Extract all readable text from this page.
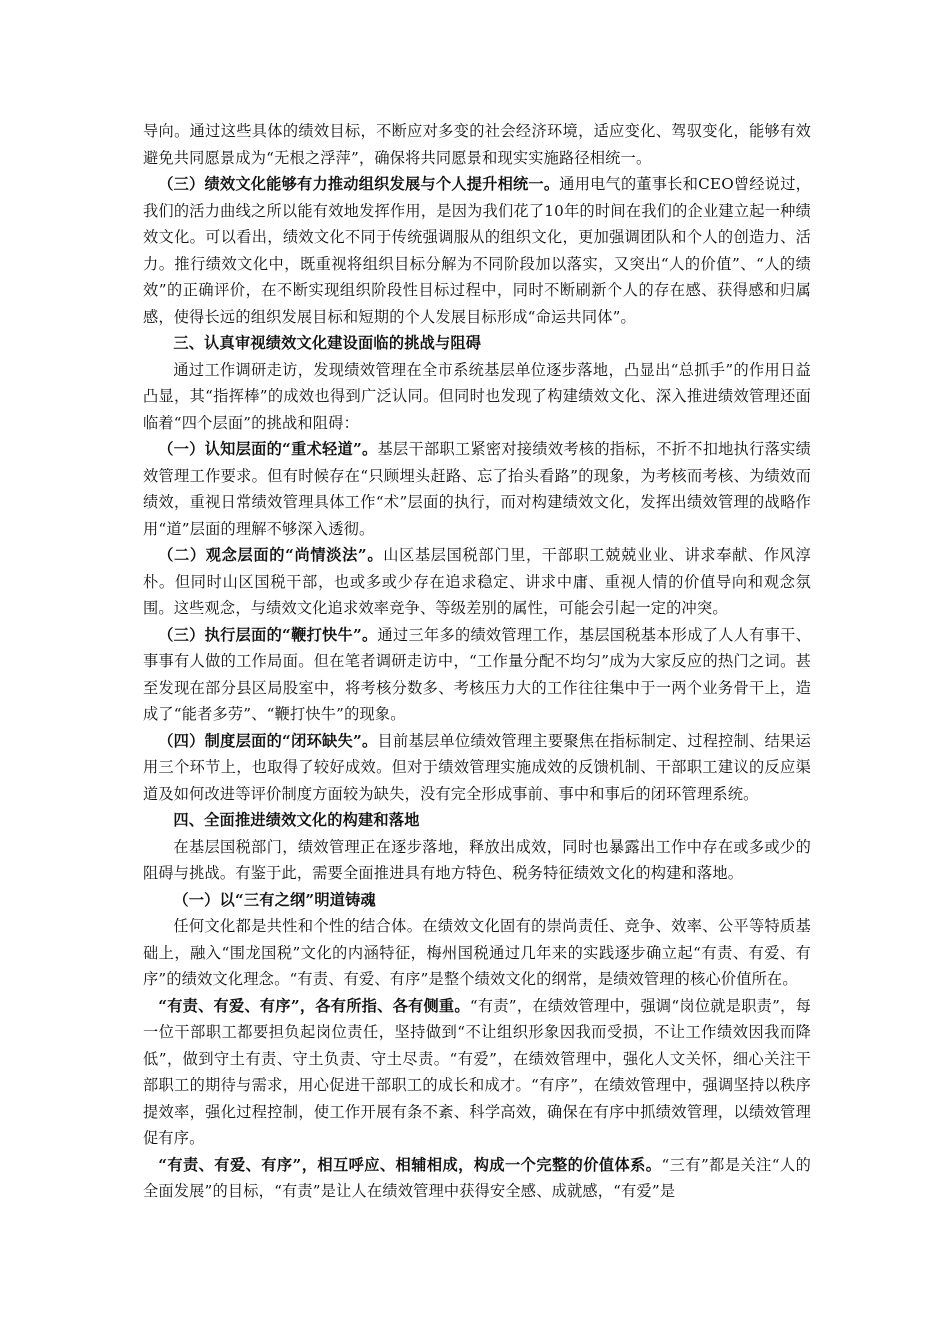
导向。通过这些具体的绩效目标，不断应对多变的社会经济环境，适应变化、驾驭变化，能够有效避免共同愿景成为“无根之浮萍”，确保将共同愿景和现实实施路径相统一。

（三）绩效文化能够有力推动组织发展与个人提升相统一。通用电气的董事长和CEO曾经说过，我们的活力曲线之所以能有效地发挥作用，是因为我们花了10年的时间在我们的企业建立起一种绩效文化。可以看出，绩效文化不同于传统强调服从的组织文化，更加强调团队和个人的创造力、活力。推行绩效文化中，既重视将组织目标分解为不同阶段加以落实，又突出“人的价值”、“人的绩效”的正确评价，在不断实现组织阶段性目标过程中，同时不断刷新个人的存在感、获得感和归属感，使得长远的组织发展目标和短期的个人发展目标形成“命运共同体”。

三、认真审视绩效文化建设面临的挑战与阻碍

通过工作调研走访，发现绩效管理在全市系统基层单位逐步落地，凸显出“总抓手”的作用日益凸显，其“指挥棒”的成效也得到广泛认同。但同时也发现了构建绩效文化、深入推进绩效管理还面临着“四个层面”的挑战和阻碍：

（一）认知层面的“重术轻道”。基层干部职工紧密对接绩效考核的指标，不折不扣地执行落实绩效管理工作要求。但有时候存在“只顾埋头赶路、忘了抬头看路”的现象，为考核而考核、为绩效而绩效，重视日常绩效管理具体工作“术”层面的执行，而对构建绩效文化，发挥出绩效管理的战略作用“道”层面的理解不够深入透彻。

（二）观念层面的“尚情淡法”。山区基层国税部门里，干部职工兢兢业业、讲求奉献、作风淳朴。但同时山区国税干部，也或多或少存在追求稳定、讲求中庸、重视人情的价值导向和观念氛围。这些观念，与绩效文化追求效率竞争、等级差别的属性，可能会引起一定的冲突。

（三）执行层面的“鞭打快牛”。通过三年多的绩效管理工作，基层国税基本形成了人人有事干、事事有人做的工作局面。但在笔者调研走访中，“工作量分配不均匀”成为大家反应的热门之词。甚至发现在部分县区局股室中，将考核分数多、考核压力大的工作往往集中于一两个业务骨干上，造成了“能者多劳”、“鞭打快牛”的现象。

（四）制度层面的“闭环缺失”。目前基层单位绩效管理主要聚焦在指标制定、过程控制、结果运用三个环节上，也取得了较好成效。但对于绩效管理实施成效的反馈机制、干部职工建议的反应渠道及如何改进等评价制度方面较为缺失，没有完全形成事前、事中和事后的闭环管理系统。

四、全面推进绩效文化的构建和落地

在基层国税部门，绩效管理正在逐步落地，释放出成效，同时也暴露出工作中存在或多或少的阻碍与挑战。有鉴于此，需要全面推进具有地方特色、税务特征绩效文化的构建和落地。

（一）以“三有之纲”明道铸魂

任何文化都是共性和个性的结合体。在绩效文化固有的崇尚责任、竞争、效率、公平等特质基础上，融入“围龙国税”文化的内涵特征，梅州国税通过几年来的实践逐步确立起“有责、有爱、有序”的绩效文化理念。“有责、有爱、有序”是整个绩效文化的纲常，是绩效管理的核心价值所在。

“有责、有爱、有序”，各有所指、各有侧重。“有责”，在绩效管理中，强调“岗位就是职责”，每一位干部职工都要担负起岗位责任，坚持做到“不让组织形象因我而受损，不让工作绩效因我而降低”，做到守土有责、守土负责、守土尽责。“有爱”，在绩效管理中，强化人文关怀，细心关注干部职工的期待与需求，用心促进干部职工的成长和成才。“有序”，在绩效管理中，强调坚持以秩序提效率，强化过程控制，使工作开展有条不紊、科学高效，确保在有序中抓绩效管理，以绩效管理促有序。

“有责、有爱、有序”，相互呼应、相辅相成，构成一个完整的价值体系。“三有”都是关注“人的全面发展”的目标，“有责”是让人在绩效管理中获得安全感、成就感，“有爱”是
